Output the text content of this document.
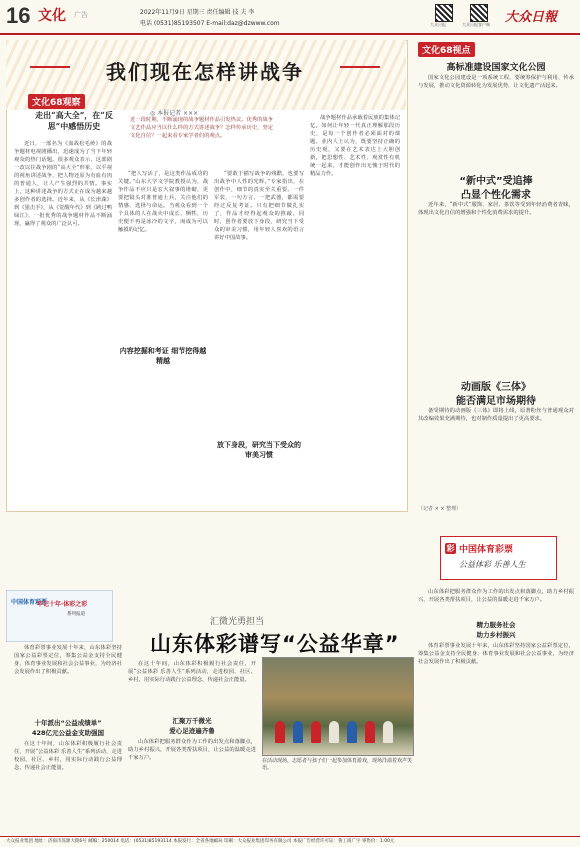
16 文化 广告	2022年11月9日 星期三 责任编辑 技 夫 李
电话 (0531)85193507 E-mail:daz@dzwww.com	大众日报	大众日报客户端 大众日報
我们现在怎样讲战争
文化68观察
走出“高大全”，在“反思”中感悟历史
◎ 本报记者 ×××
近一段时期，不断涌现的战争题材作品引发热议。优秀的战争文艺作品应当以什么样的方式讲述战争？怎样传承历史、坚定文化自信？一起来看专家学者们的观点。

近日，一部名为《血战松毛岭》的战争题材电视剧播出，迅速成为了当下年轻观众的热门话题。很多观众表示，这部剧一改以往战争剧的“高大全”形象，以平视的视角讲述战争，把人物还原为有血有肉的普通人，让人产生强烈的共情。事实上，这种讲述战争的方式正在成为越来越多创作者的选择。近年来，从《长津湖》到《狙击手》，从《觉醒年代》到《跨过鸭绿江》，一批优秀的战争题材作品不断涌现，赢得了观众的广泛认可。

“把人写活了，是这类作品成功的关键。”山东大学文学院教授认为，战争作品不应只是宏大叙事的堆砌，更要把镜头对准普通士兵，关注他们的情感、选择与命运。当观众看到一个个具体的人在战火中成长、牺牲，历史便不再是冰冷的文字，而成为可以触摸的记忆。

内容挖掘和考证 细节挖得越精越

“要敢于描写战争的残酷，也要写出战争中人性的光辉。”专家指出，在创作中，细节的真实至关重要。一件军装、一句方言、一把武器，都需要经过反复考证。只有把细节做扎实了，作品才经得起观众的推敲。同时，创作者要放下身段，研究当下受众的审美习惯，用年轻人喜欢的语言讲好中国故事。

放下身段，研究当下受众的审美习惯

战争题材作品承载着民族的集体记忆。如何让年轻一代真正理解那段历史，是每一个创作者必须面对的课题。业内人士认为，既要坚持正确的历史观，又要在艺术表达上大胆创新，把思想性、艺术性、观赏性有机统一起来，才能创作出无愧于时代的精品力作。

文化68视点
高标准建设国家文化公园

国家文化公园建设是一项系统工程，要统筹保护与利用、传承与发展，推动文化资源转化为发展优势，让文化遗产活起来。

“新中式”受追捧
凸显个性化需求

近年来，“新中式”服饰、家居、茶饮等受到年轻消费者青睐，体现出文化自信的增强和个性化消费需求的提升。

动画版《三体》
能否满足市场期待

备受期待的动画版《三体》即将上线，原著粉丝与普通观众对其改编效果充满期待，也对制作质量提出了更高要求。

（记者 × × 整理）
彩 中国体育彩票
公益体彩 乐善人生
中国体育彩票
牢记十年·体彩之彩
系列报道
汇微光勇担当
山东体彩谱写“公益华章”
十年派出“公益成绩单”
428亿元公益金支助强国

体育彩票事业发展十年来，山东体彩坚持国家公益彩票定位，筹集公益金支持全民健身、体育事业发展和社会公益事业，为经济社会发展作出了积极贡献。

在这十年间，山东体彩积极履行社会责任，开展“公益体彩 乐善人生”系列活动，走进校园、社区、乡村，用实际行动践行公益理念，传递社会正能量。

在这十年间，山东体彩积极履行社会责任，开展“公益体彩 乐善人生”系列活动，走进校园、社区、乡村，用实际行动践行公益理念，传递社会正能量。

汇聚万千微光
爱心足迹遍齐鲁

山东体彩把服务群众作为工作的出发点和落脚点，助力乡村振兴，开展各类帮扶项目，让公益的温暖走进千家万户。	在活动现场，志愿者与孩子们一起参加体育游戏，现场洋溢着欢声笑语。

山东体彩把服务群众作为工作的出发点和落脚点，助力乡村振兴，开展各类帮扶项目，让公益的温暖走进千家万户。

精力服务社会
助力乡村振兴

体育彩票事业发展十年来，山东体彩坚持国家公益彩票定位，筹集公益金支持全民健身、体育事业发展和社会公益事业，为经济社会发展作出了积极贡献。

大众报业集团 地址：济南市泺源大街6号 邮编：250014 电话：(0531)85193114 本报发行：全省各地邮局 印刷：大众报业集团印务有限公司 本报广告经营许可证：鲁工商广字 零售价：1.00元
